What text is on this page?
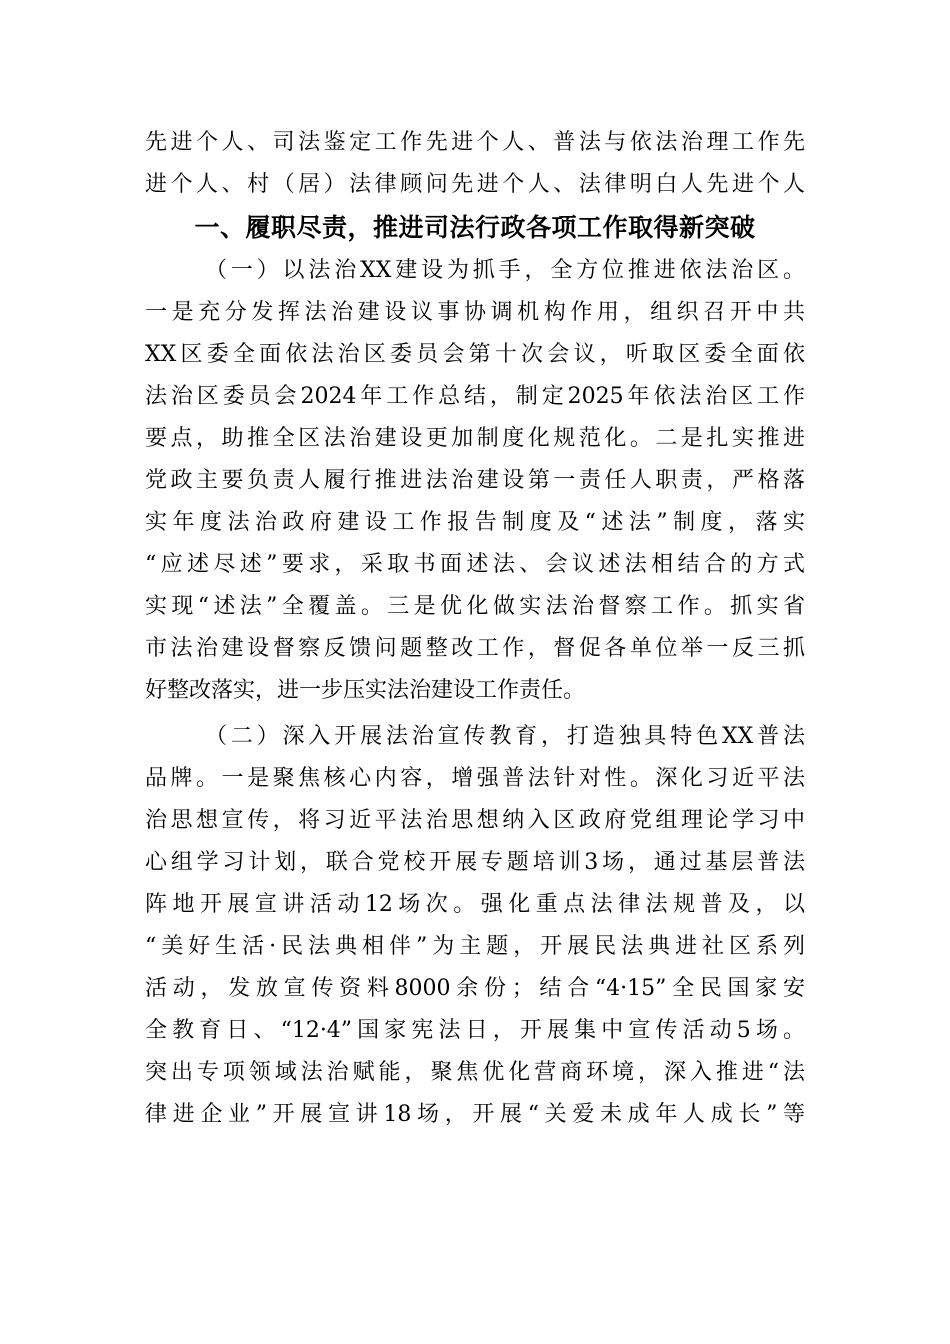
先进个人、司法鉴定工作先进个人、普法与依法治理工作先
进个人、村（居）法律顾问先进个人、法律明白人先进个人
一、履职尽责，推进司法行政各项工作取得新突破
（一）以法治XX建设为抓手，全方位推进依法治区。
一是充分发挥法治建设议事协调机构作用，组织召开中共
XX区委全面依法治区委员会第十次会议，听取区委全面依
法治区委员会2024年工作总结，制定2025年依法治区工作
要点，助推全区法治建设更加制度化规范化。二是扎实推进
党政主要负责人履行推进法治建设第一责任人职责，严格落
实年度法治政府建设工作报告制度及“述法”制度，落实
“应述尽述”要求，采取书面述法、会议述法相结合的方式
实现“述法”全覆盖。三是优化做实法治督察工作。抓实省
市法治建设督察反馈问题整改工作，督促各单位举一反三抓
好整改落实，进一步压实法治建设工作责任。
（二）深入开展法治宣传教育，打造独具特色XX普法
品牌。一是聚焦核心内容，增强普法针对性。深化习近平法
治思想宣传，将习近平法治思想纳入区政府党组理论学习中
心组学习计划，联合党校开展专题培训3场，通过基层普法
阵地开展宣讲活动12场次。强化重点法律法规普及，以
“美好生活·民法典相伴”为主题，开展民法典进社区系列
活动，发放宣传资料8000余份；结合“4·15”全民国家安
全教育日、“12·4”国家宪法日，开展集中宣传活动5场。
突出专项领域法治赋能，聚焦优化营商环境，深入推进“法
律进企业”开展宣讲18场，开展“关爱未成年人成长”等
